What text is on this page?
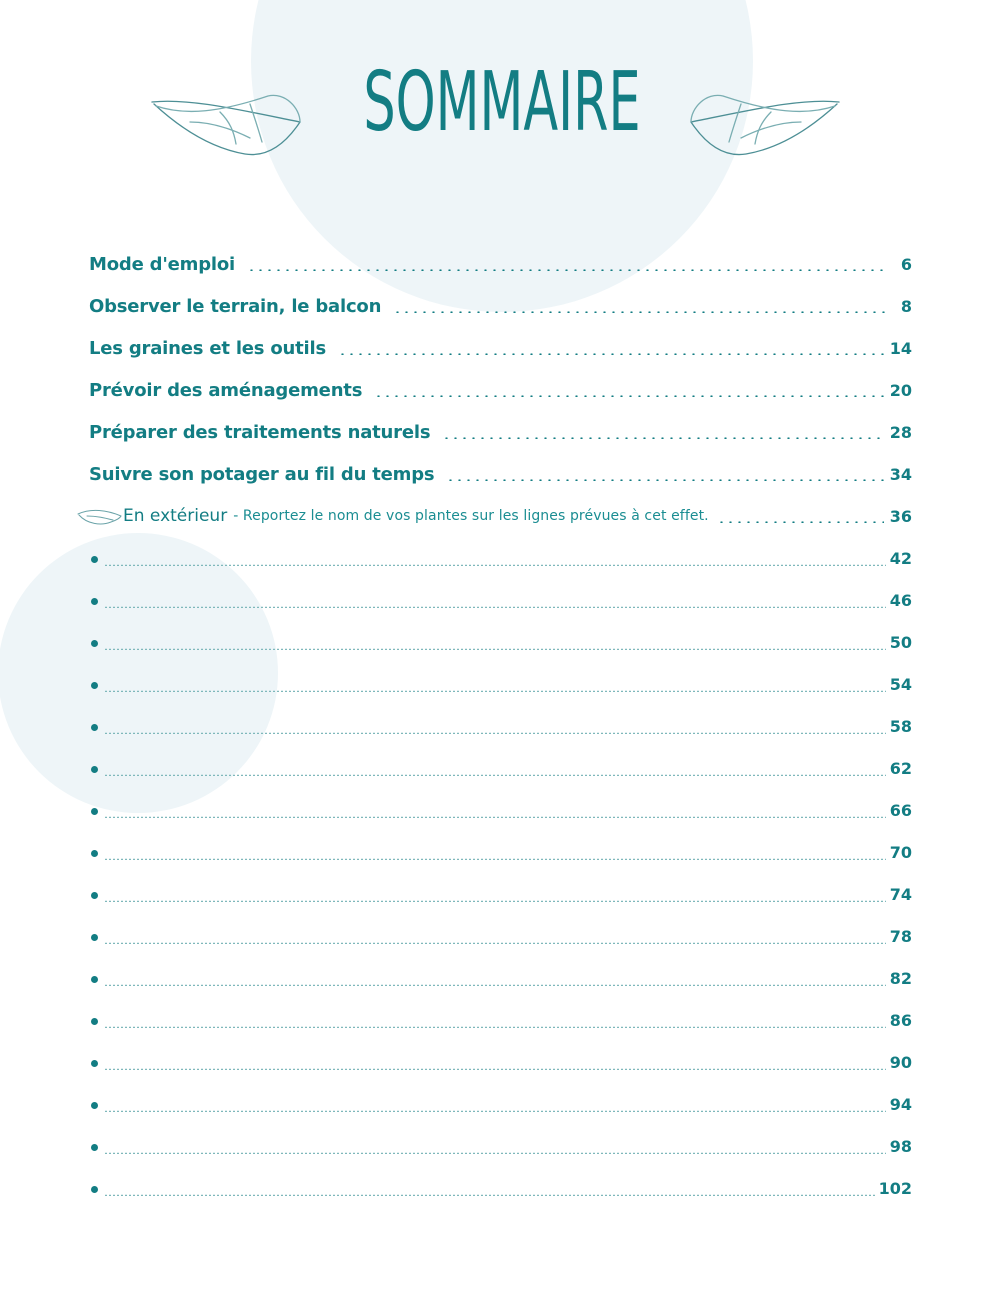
SOMMAIRE
Mode d'emploi	6
Observer le terrain, le balcon	8
Les graines et les outils	14
Prévoir des aménagements	20
Préparer des traitements naturels	28
Suivre son potager au fil du temps	34
En extérieur - Reportez le nom de vos plantes sur les lignes prévues à cet effet.	36
42
46
50
54
58
62
66
70
74
78
82
86
90
94
98
102
